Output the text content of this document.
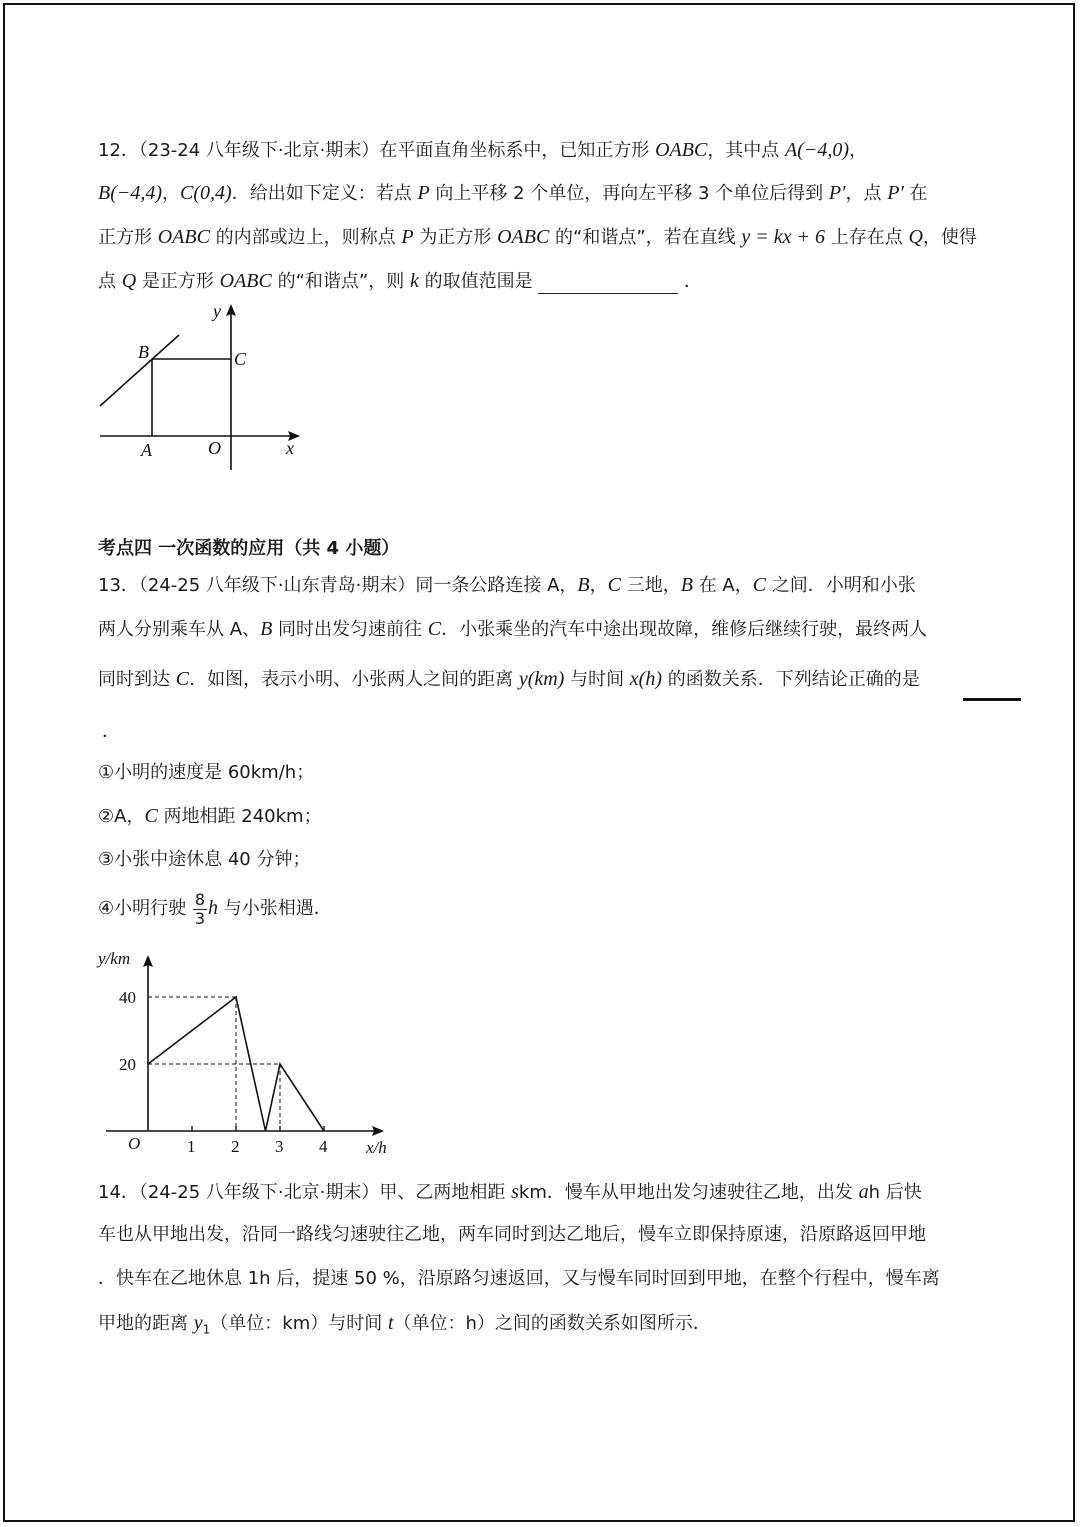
12．（23-24 八年级下·北京·期末）在平面直角坐标系中，已知正方形 OABC，其中点 A(−4,0)，
B(−4,4)，C(0,4)．给出如下定义：若点 P 向上平移 2 个单位，再向左平移 3 个单位后得到 P′，点 P′ 在
正方形 OABC 的内部或边上，则称点 P 为正方形 OABC 的“和谐点”，若在直线 y = kx + 6 上存在点 Q，使得
点 Q 是正方形 OABC 的“和谐点”，则 k 的取值范围是	．
y
B	C
A	O	x
考点四 一次函数的应用（共 4 小题）
13．（24-25 八年级下·山东青岛·期末）同一条公路连接 A，B，C 三地，B 在 A，C 之间．小明和小张
两人分别乘车从 A、B 同时出发匀速前往 C．小张乘坐的汽车中途出现故障，维修后继续行驶，最终两人
同时到达 C．如图，表示小明、小张两人之间的距离 y(km) 与时间 x(h) 的函数关系．下列结论正确的是
．
①小明的速度是 60km/h；
②A，C 两地相距 240km；
③小张中途休息 40 分钟；
④小明行驶 $\frac{8}{3}$ h 与小张相遇．
y/km
x/h
O	1 2 3 4
20
40
14．（24-25 八年级下·北京·期末）甲、乙两地相距 skm．慢车从甲地出发匀速驶往乙地，出发 ah 后快
车也从甲地出发，沿同一路线匀速驶往乙地，两车同时到达乙地后，慢车立即保持原速，沿原路返回甲地
．快车在乙地休息 1h 后，提速 50 %，沿原路匀速返回，又与慢车同时回到甲地，在整个行程中，慢车离
甲地的距离 $y_1$（单位：km）与时间 t（单位：h）之间的函数关系如图所示．
